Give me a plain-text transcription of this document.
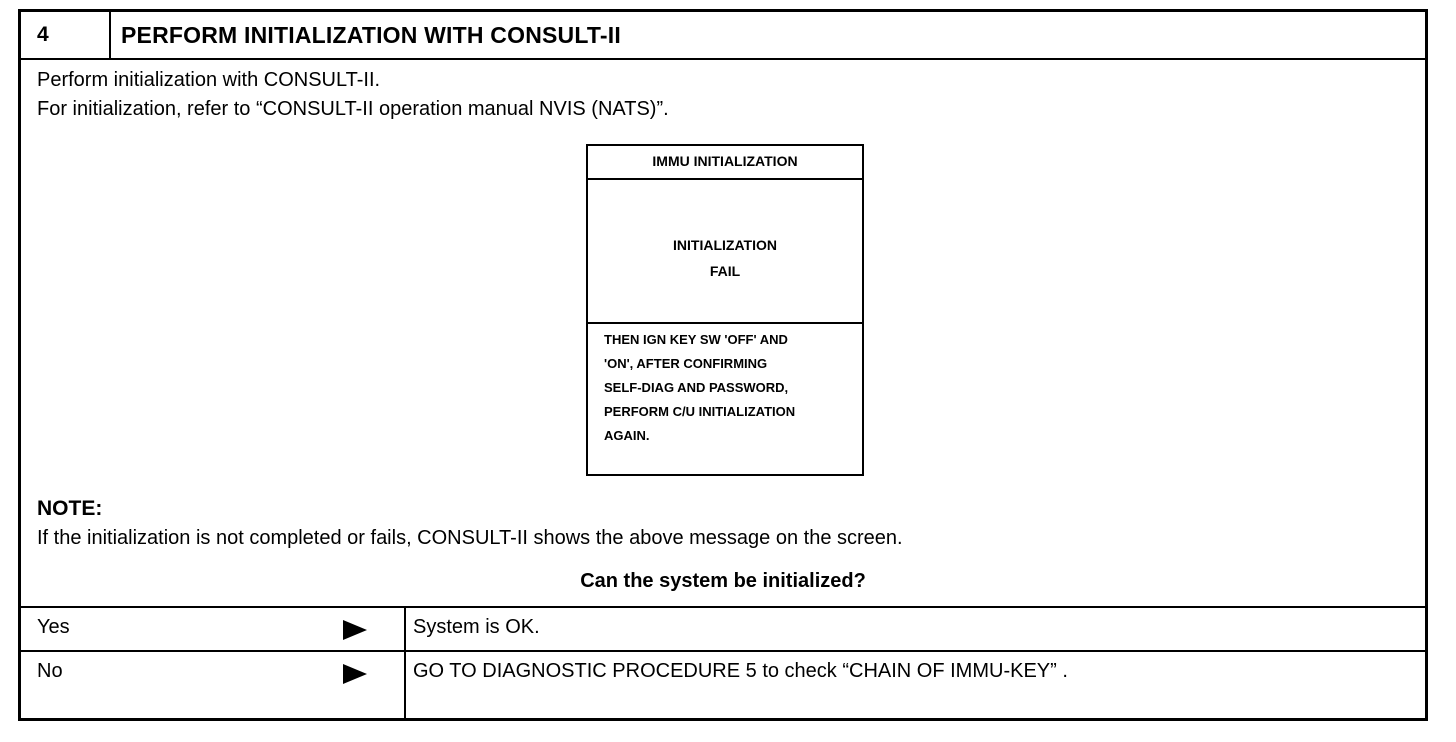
4	PERFORM INITIALIZATION WITH CONSULT-II
Perform initialization with CONSULT-II.
For initialization, refer to “CONSULT-II operation manual NVIS (NATS)”.
IMMU INITIALIZATION
INITIALIZATION
FAIL
THEN IGN KEY SW 'OFF' AND
'ON', AFTER CONFIRMING
SELF-DIAG AND PASSWORD,
PERFORM C/U INITIALIZATION
AGAIN.
NOTE:
If the initialization is not completed or fails, CONSULT-II shows the above message on the screen.
Can the system be initialized?
Yes	System is OK.
No	GO TO DIAGNOSTIC PROCEDURE 5 to check “CHAIN OF IMMU-KEY” .
